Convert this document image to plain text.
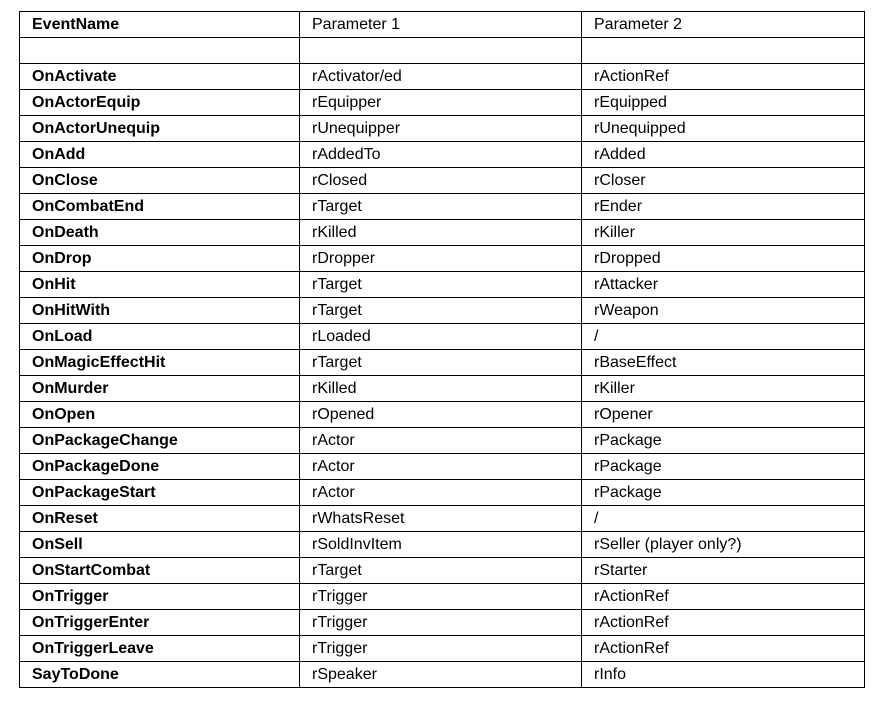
EventName	Parameter 1	Parameter 2

OnActivate	rActivator/ed	rActionRef
OnActorEquip	rEquipper	rEquipped
OnActorUnequip	rUnequipper	rUnequipped
OnAdd	rAddedTo	rAdded
OnClose	rClosed	rCloser
OnCombatEnd	rTarget	rEnder
OnDeath	rKilled	rKiller
OnDrop	rDropper	rDropped
OnHit	rTarget	rAttacker
OnHitWith	rTarget	rWeapon
OnLoad	rLoaded	/
OnMagicEffectHit	rTarget	rBaseEffect
OnMurder	rKilled	rKiller
OnOpen	rOpened	rOpener
OnPackageChange	rActor	rPackage
OnPackageDone	rActor	rPackage
OnPackageStart	rActor	rPackage
OnReset	rWhatsReset	/
OnSell	rSoldInvItem	rSeller (player only?)
OnStartCombat	rTarget	rStarter
OnTrigger	rTrigger	rActionRef
OnTriggerEnter	rTrigger	rActionRef
OnTriggerLeave	rTrigger	rActionRef
SayToDone	rSpeaker	rInfo
